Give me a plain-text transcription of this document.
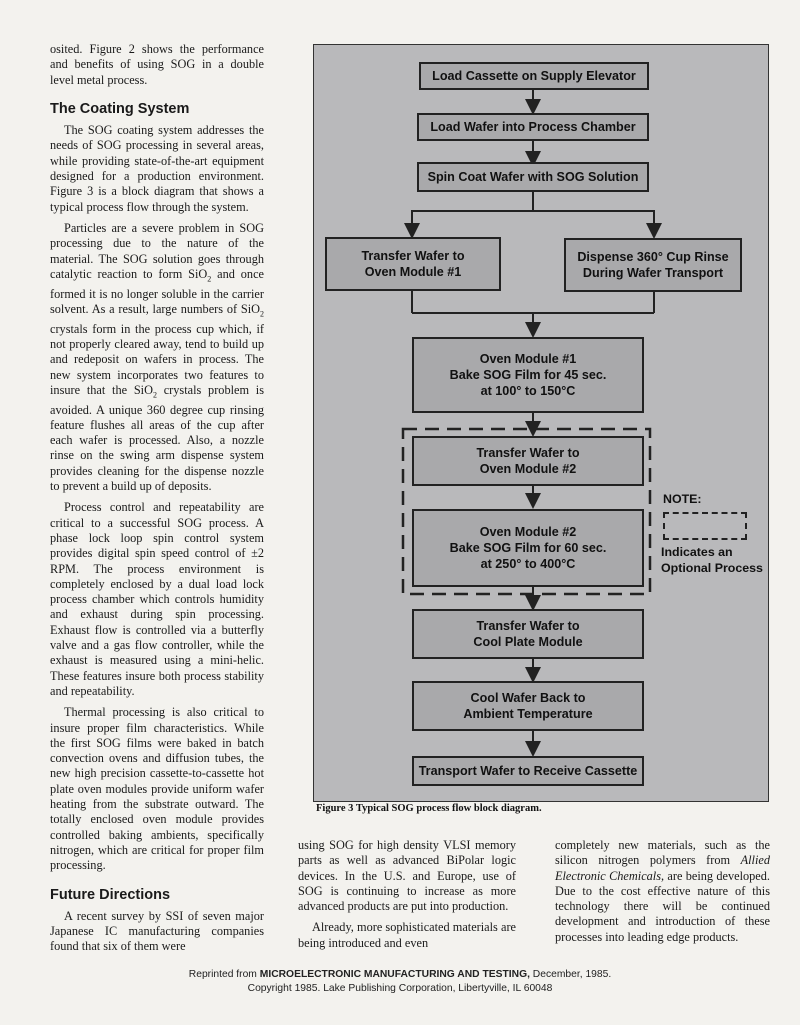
osited. Figure 2 shows the performance and benefits of using SOG in a double level metal process.

The Coating System

The SOG coating system addresses the needs of SOG processing in several areas, while providing state-of-the-art equipment designed for a production environment. Figure 3 is a block diagram that shows a typical process flow through the system.

Particles are a severe problem in SOG processing due to the nature of the material. The SOG solution goes through catalytic reaction to form SiO$_2$ and once formed it is no longer soluble in the carrier solvent. As a result, large numbers of SiO$_2$ crystals form in the process cup which, if not properly cleared away, tend to build up and redeposit on wafers in process. The new system incorporates two features to insure that the SiO$_2$ crystals problem is avoided. A unique 360 degree cup rinsing feature flushes all areas of the cup after each wafer is processed. Also, a nozzle rinse on the swing arm dispense system provides cleaning for the dispense nozzle to prevent a build up of deposits.

Process control and repeatability are critical to a successful SOG process. A phase lock loop spin control system provides digital spin speed control of ±2 RPM. The process environment is completely enclosed by a dual load lock process chamber which controls humidity and exhaust during spin processing. Exhaust flow is controlled via a butterfly valve and a gas flow controller, while the exhaust is measured using a mini-helic. These features insure both process stability and repeatability.

Thermal processing is also critical to insure proper film characteristics. While the first SOG films were baked in batch convection ovens and diffusion tubes, the new high precision cassette-to-cassette hot plate oven modules provide uniform wafer heating from the substrate outward. The totally enclosed oven module provides controlled baking ambients, specifically nitrogen, which are critical for proper film processing.

Future Directions

A recent survey by SSI of seven major Japanese IC manufacturing companies found that six of them were

Load Cassette on Supply Elevator
Load Wafer into Process Chamber
Spin Coat Wafer with SOG Solution
Transfer Wafer to
Oven Module #1
Dispense 360° Cup Rinse
During Wafer Transport
Oven Module #1
Bake SOG Film for 45 sec.
at 100° to 150°C
Transfer Wafer to
Oven Module #2
Oven Module #2
Bake SOG Film for 60 sec.
at 250° to 400°C
Transfer Wafer to
Cool Plate Module
Cool Wafer Back to
Ambient Temperature
Transport Wafer to Receive Cassette
NOTE:
Indicates an
Optional Process
Figure 3 Typical SOG process flow block diagram.

using SOG for high density VLSI memory parts as well as advanced BiPolar logic devices. In the U.S. and Europe, use of SOG is continuing to increase as more advanced products are put into production.

Already, more sophisticated materials are being introduced and even

completely new materials, such as the silicon nitrogen polymers from Allied Electronic Chemicals, are being developed. Due to the cost effective nature of this technology there will be continued development and introduction of these processes into leading edge products.

Reprinted from MICROELECTRONIC MANUFACTURING AND TESTING, December, 1985.
Copyright 1985. Lake Publishing Corporation, Libertyville, IL 60048
